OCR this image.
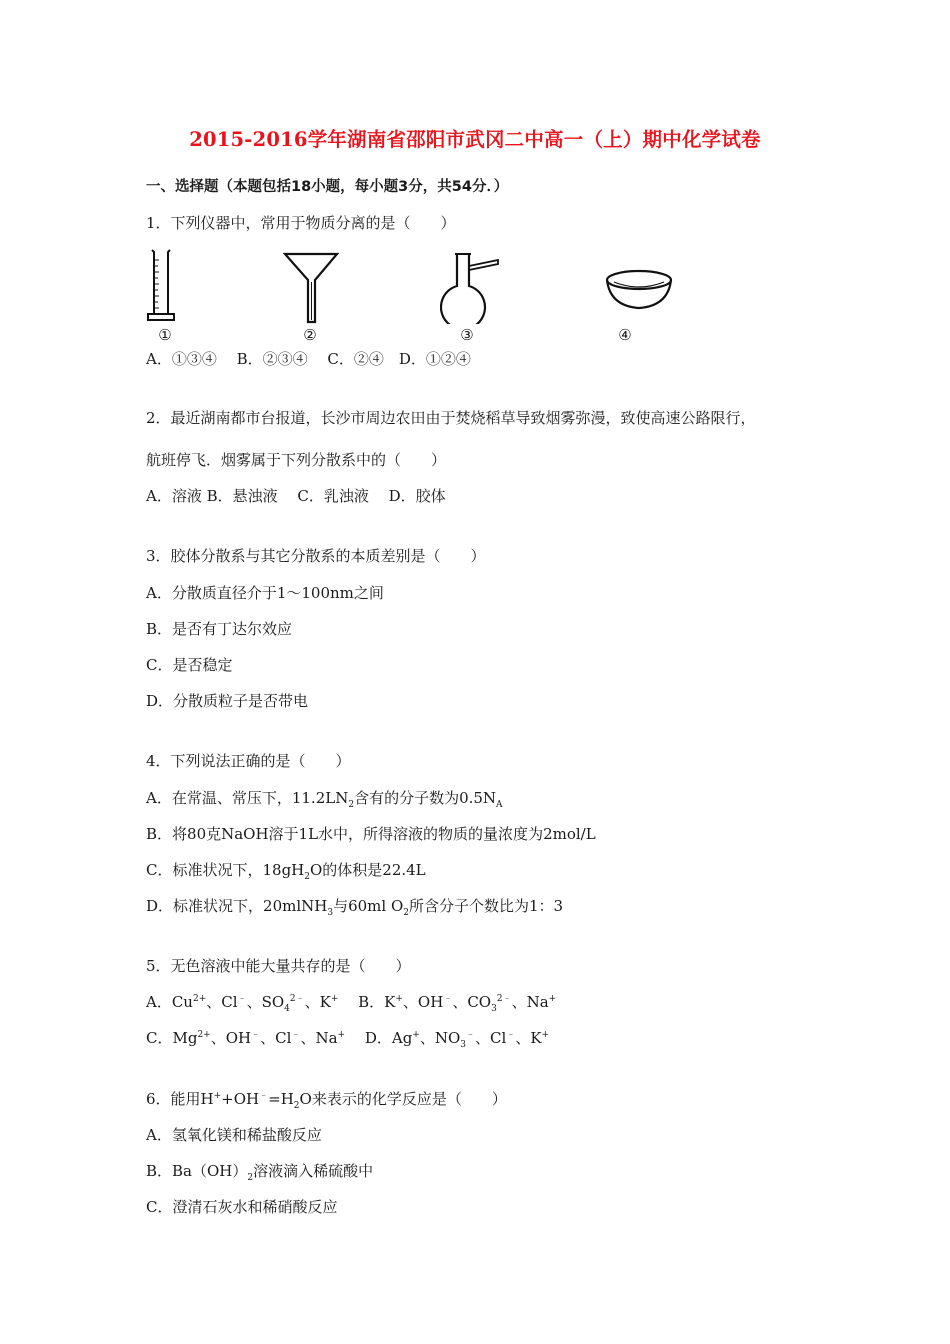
2015-2016学年湖南省邵阳市武冈二中高一（上）期中化学试卷
一、选择题（本题包括18小题，每小题3分，共54分．）
1．下列仪器中，常用于物质分离的是（　　）
①	②	③	④
A．①③④　 B．②③④　 C．②④　D．①②④
2．最近湖南都市台报道，长沙市周边农田由于焚烧稻草导致烟雾弥漫，致使高速公路限行，
航班停飞．烟雾属于下列分散系中的（　　）
A．溶液 B．悬浊液　 C．乳浊液　 D．胶体
3．胶体分散系与其它分散系的本质差别是（　　）
A．分散质直径介于1～100nm之间
B．是否有丁达尔效应
C．是否稳定
D．分散质粒子是否带电
4．下列说法正确的是（　　）
A．在常温、常压下，$11.2LN_2$含有的分子数为$0.5N_A$
B．将80克NaOH溶于1L水中，所得溶液的物质的量浓度为2mol/L
C．标准状况下，$18gH_2O$的体积是22.4L
D．标准状况下，20mlNH$_3$与60ml $O_2$所含分子个数比为1：3
5．无色溶液中能大量共存的是（　　）
A．$Cu^{2+}$、Cl﹣、$SO_4^{2﹣}$、K+　 B．K+、OH﹣、$CO_3^{2﹣}$、Na+
C．$Mg^{2+}$、OH﹣、Cl﹣、Na+　 D．Ag+、$NO_3^﹣$、Cl﹣、K+
6．能用$H^++OH^﹣=H_2O$来表示的化学反应是（　　）
A．氢氧化镁和稀盐酸反应
B．$Ba(OH)_2$溶液滴入稀硫酸中
C．澄清石灰水和稀硝酸反应
